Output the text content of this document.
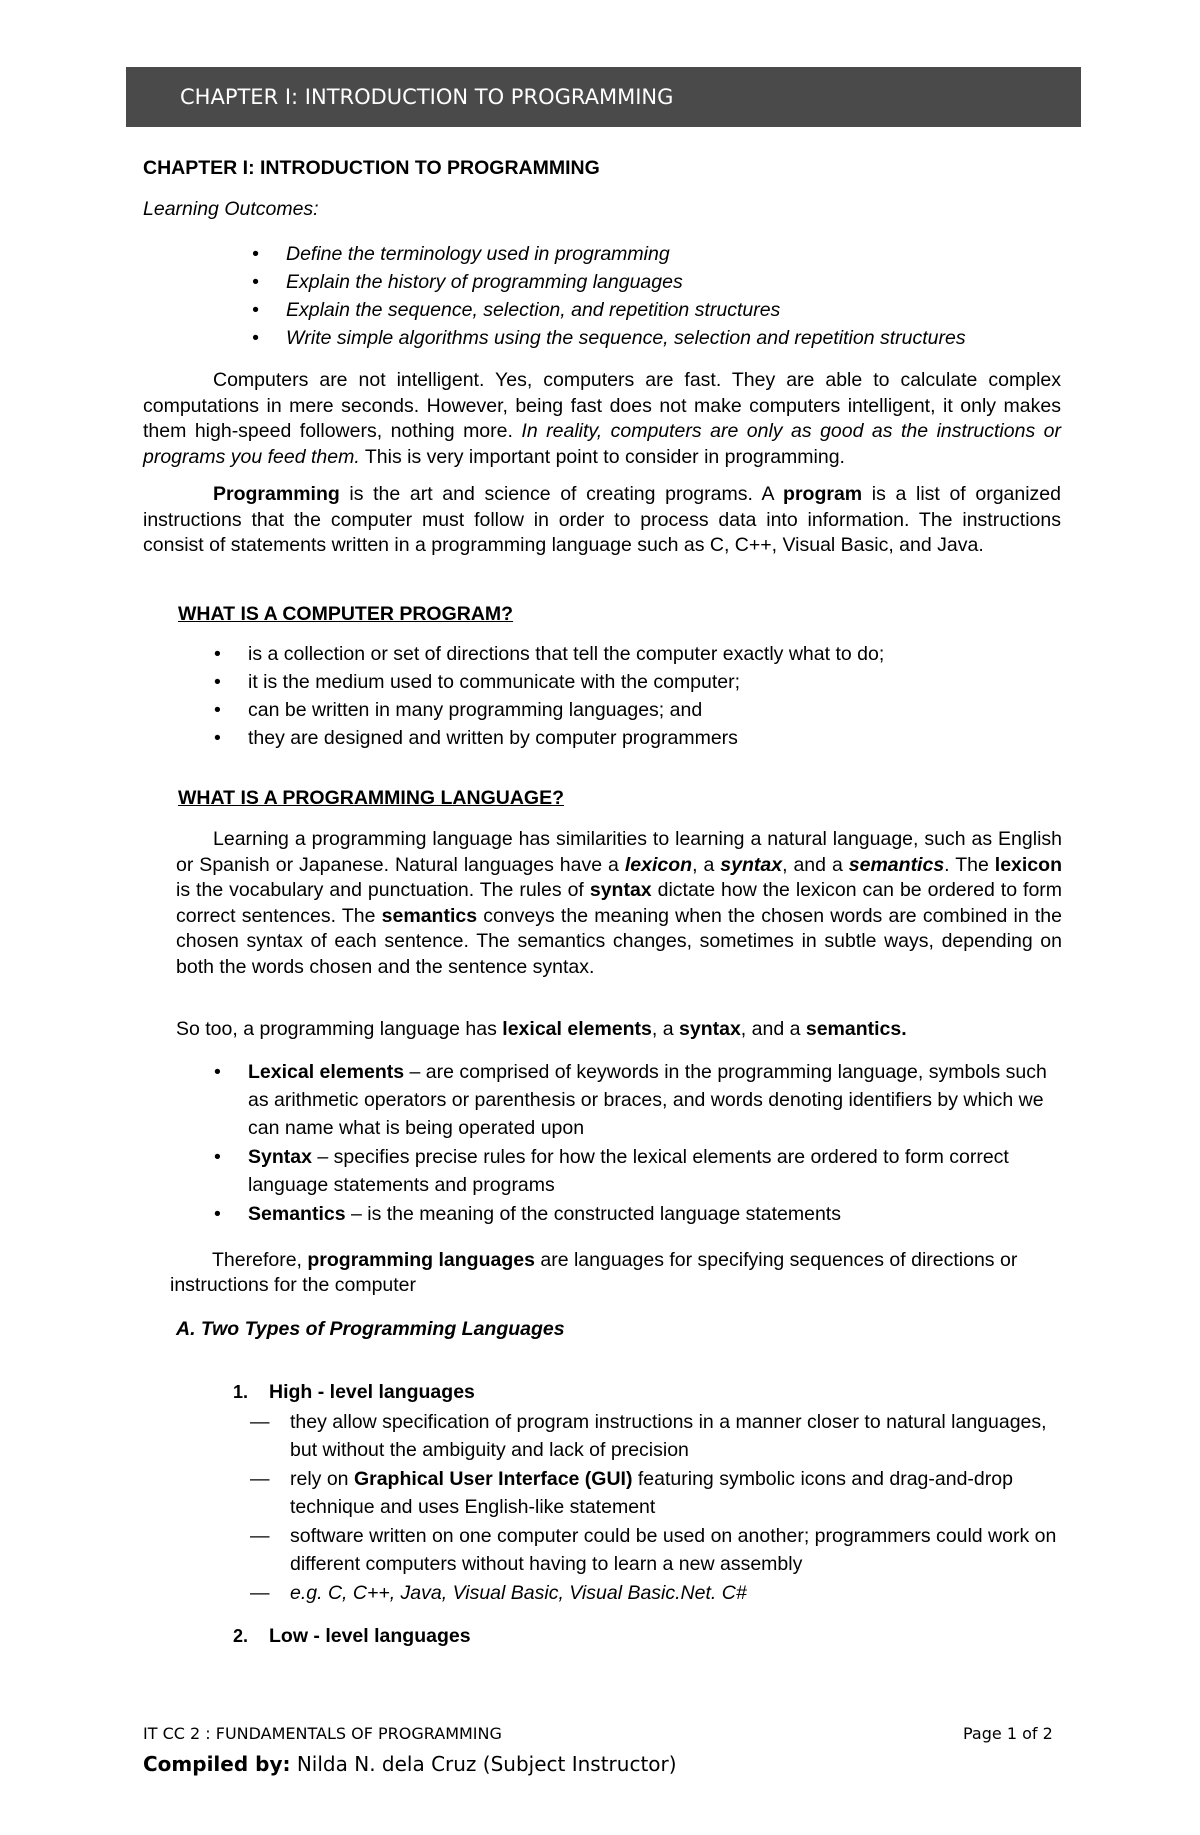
CHAPTER I: INTRODUCTION TO PROGRAMMING
CHAPTER I: INTRODUCTION TO PROGRAMMING
Learning Outcomes:
• Define the terminology used in programming
• Explain the history of programming languages
• Explain the sequence, selection, and repetition structures
• Write simple algorithms using the sequence, selection and repetition structures
Computers are not intelligent. Yes, computers are fast. They are able to calculate complex computations in mere seconds. However, being fast does not make computers intelligent, it only makes them high-speed followers, nothing more. In reality, computers are only as good as the instructions or programs you feed them. This is very important point to consider in programming.
Programming is the art and science of creating programs. A program is a list of organized instructions that the computer must follow in order to process data into information. The instructions consist of statements written in a programming language such as C, C++, Visual Basic, and Java.
WHAT IS A COMPUTER PROGRAM?
• is a collection or set of directions that tell the computer exactly what to do;
• it is the medium used to communicate with the computer;
• can be written in many programming languages; and
• they are designed and written by computer programmers
WHAT IS A PROGRAMMING LANGUAGE?
Learning a programming language has similarities to learning a natural language, such as English or Spanish or Japanese. Natural languages have a lexicon, a syntax, and a semantics. The lexicon is the vocabulary and punctuation. The rules of syntax dictate how the lexicon can be ordered to form correct sentences. The semantics conveys the meaning when the chosen words are combined in the chosen syntax of each sentence. The semantics changes, sometimes in subtle ways, depending on both the words chosen and the sentence syntax.
So too, a programming language has lexical elements, a syntax, and a semantics.
• Lexical elements – are comprised of keywords in the programming language, symbols such as arithmetic operators or parenthesis or braces, and words denoting identifiers by which we can name what is being operated upon
• Syntax – specifies precise rules for how the lexical elements are ordered to form correct language statements and programs
• Semantics – is the meaning of the constructed language statements
Therefore, programming languages are languages for specifying sequences of directions or instructions for the computer
A. Two Types of Programming Languages
1. High - level languages
— they allow specification of program instructions in a manner closer to natural languages, but without the ambiguity and lack of precision
— rely on Graphical User Interface (GUI) featuring symbolic icons and drag-and-drop technique and uses English-like statement
— software written on one computer could be used on another; programmers could work on different computers without having to learn a new assembly
— e.g. C, C++, Java, Visual Basic, Visual Basic.Net. C#
2. Low - level languages
IT CC 2 : FUNDAMENTALS OF PROGRAMMING	Page 1 of 2
Compiled by: Nilda N. dela Cruz (Subject Instructor)
